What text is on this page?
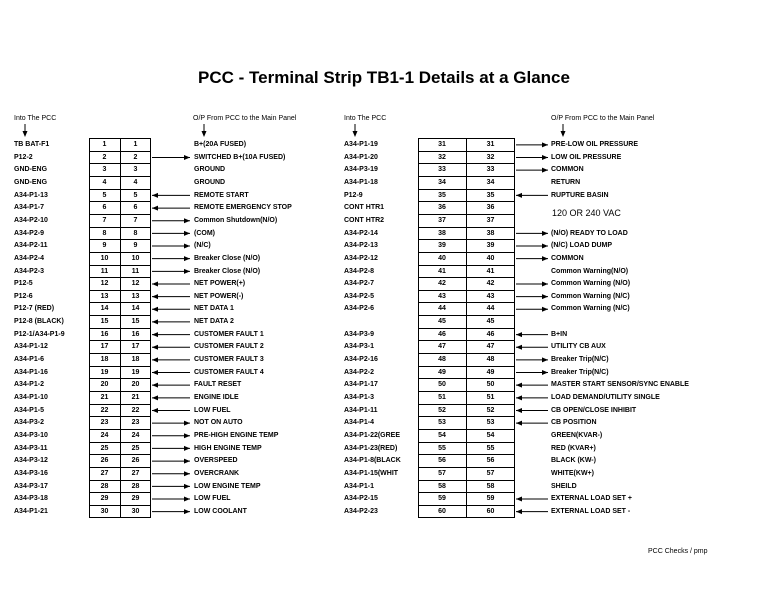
PCC - Terminal Strip TB1-1 Details at a Glance
Into The PCC	O/P From PCC to the Main Panel	Into The PCC	O/P From PCC to the Main Panel
120 OR 240 VAC
TB BAT-F1	1	1	B+(20A FUSED)
P12-2	2	2	SWITCHED B+(10A FUSED)
GND-ENG	3	3	GROUND
GND-ENG	4	4	GROUND
A34-P1-13	5	5	REMOTE START
A34-P1-7	6	6	REMOTE EMERGENCY STOP
A34-P2-10	7	7	Common Shutdown(N/O)
A34-P2-9	8	8	(COM)
A34-P2-11	9	9	(N/C)
A34-P2-4	10	10	Breaker Close (N/O)
A34-P2-3	11	11	Breaker Close (N/O)
P12-5	12	12	NET POWER(+)
P12-6	13	13	NET POWER(-)
P12-7 (RED)	14	14	NET DATA 1
P12-8 (BLACK)	15	15	NET DATA 2
P12-1/A34-P1-9	16	16	CUSTOMER FAULT 1
A34-P1-12	17	17	CUSTOMER FAULT 2
A34-P1-6	18	18	CUSTOMER FAULT 3
A34-P1-16	19	19	CUSTOMER FAULT 4
A34-P1-2	20	20	FAULT RESET
A34-P1-10	21	21	ENGINE IDLE
A34-P1-5	22	22	LOW FUEL
A34-P3-2	23	23	NOT ON AUTO
A34-P3-10	24	24	PRE-HIGH ENGINE TEMP
A34-P3-11	25	25	HIGH ENGINE TEMP
A34-P3-12	26	26	OVERSPEED
A34-P3-16	27	27	OVERCRANK
A34-P3-17	28	28	LOW ENGINE TEMP
A34-P3-18	29	29	LOW FUEL
A34-P1-21	30	30	LOW COOLANT
A34-P1-19	31	31	PRE-LOW OIL PRESSURE
A34-P1-20	32	32	LOW OIL PRESSURE
A34-P3-19	33	33	COMMON
A34-P1-18	34	34	RETURN
P12-9	35	35	RUPTURE BASIN
CONT HTR1	36	36
CONT HTR2	37	37
A34-P2-14	38	38	(N/O) READY TO LOAD
A34-P2-13	39	39	(N/C) LOAD DUMP
A34-P2-12	40	40	COMMON
A34-P2-8	41	41	Common Warning(N/O)
A34-P2-7	42	42	Common Warning (N/O)
A34-P2-5	43	43	Common Warning (N/C)
A34-P2-6	44	44	Common Warning (N/C)
45	45
A34-P3-9	46	46	B+IN
A34-P3-1	47	47	UTILITY CB AUX
A34-P2-16	48	48	Breaker Trip(N/C)
A34-P2-2	49	49	Breaker Trip(N/C)
A34-P1-17	50	50	MASTER START SENSOR/SYNC ENABLE
A34-P1-3	51	51	LOAD DEMAND/UTILITY SINGLE
A34-P1-11	52	52	CB OPEN/CLOSE INHIBIT
A34-P1-4	53	53	CB POSITION
A34-P1-22(GREE	54	54	GREEN(KVAR-)
A34-P1-23(RED)	55	55	RED (KVAR+)
A34-P1-8(BLACK	56	56	BLACK (KW-)
A34-P1-15(WHIT	57	57	WHITE(KW+)
A34-P1-1	58	58	SHEILD
A34-P2-15	59	59	EXTERNAL LOAD SET +
A34-P2-23	60	60	EXTERNAL LOAD SET -
PCC Checks / pmp
